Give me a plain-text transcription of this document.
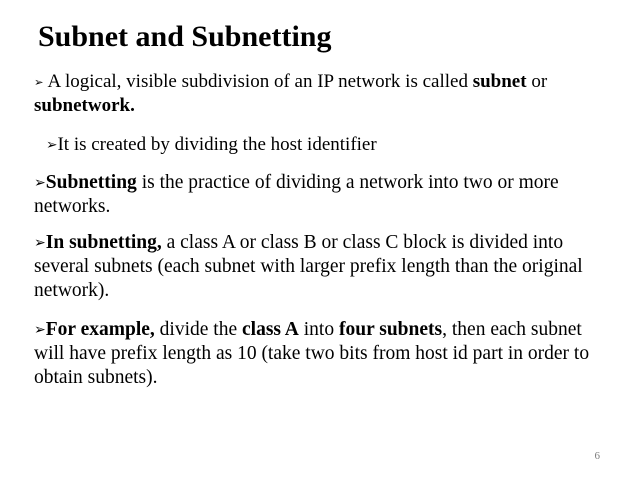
Subnet and Subnetting

➢ A logical, visible subdivision of an IP network is called subnet or subnetwork.

➢It is created by dividing the host identifier

➢Subnetting is the practice of dividing a network into two or more networks.

➢In subnetting, a class A or class B or class C block is divided into several subnets (each subnet with larger prefix length than the original network).

➢For example, divide the class A into four subnets, then each subnet will have prefix length as 10 (take two bits from host id part in order to obtain subnets).

6
